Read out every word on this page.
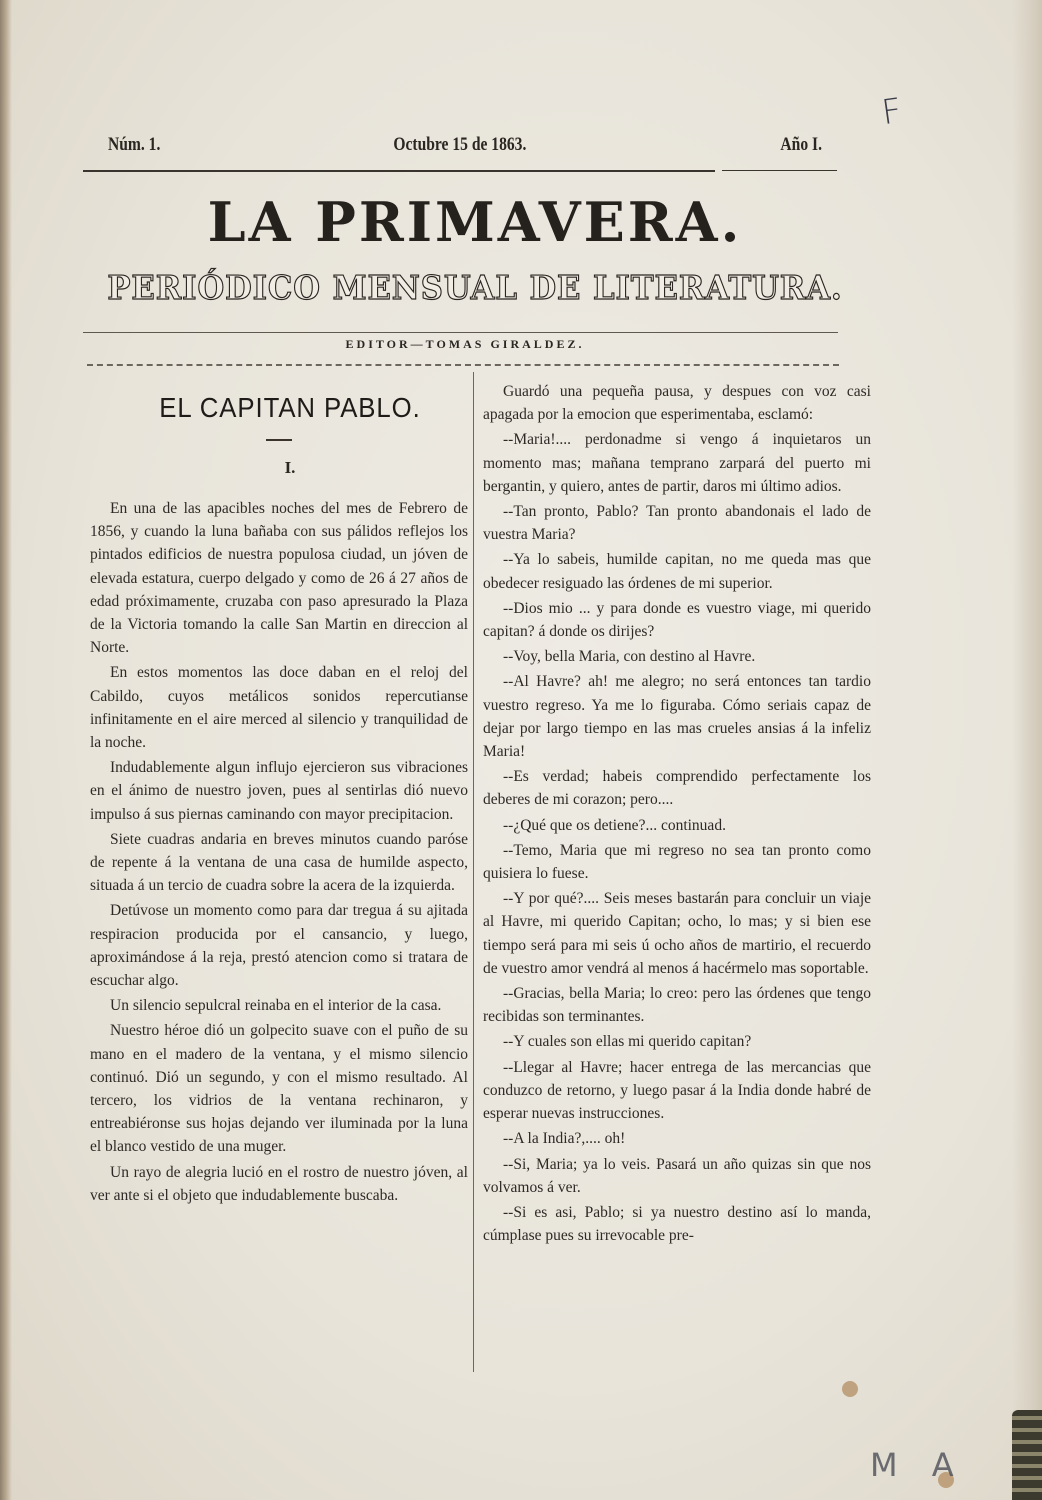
F
Núm. 1.	Octubre 15 de 1863.	Año I.
LA PRIMAVERA.
PERIÓDICO MENSUAL DE LITERATURA.
EDITOR—TOMAS GIRALDEZ.
EL CAPITAN PABLO.
I.

En una de las apacibles noches del mes de Febrero de 1856, y cuando la luna bañaba con sus pálidos reflejos los pintados edificios de nuestra populosa ciudad, un jóven de elevada estatura, cuerpo delgado y como de 26 á 27 años de edad próximamente, cruzaba con paso apresurado la Plaza de la Victoria tomando la calle San Martin en direccion al Norte.

En estos momentos las doce daban en el reloj del Cabildo, cuyos metálicos sonidos repercutianse infinitamente en el aire merced al silencio y tranquilidad de la noche.

Indudablemente algun influjo ejercieron sus vibraciones en el ánimo de nuestro joven, pues al sentirlas dió nuevo impulso á sus piernas caminando con mayor precipitacion.

Siete cuadras andaria en breves minutos cuando paróse de repente á la ventana de una casa de humilde aspecto, situada á un tercio de cuadra sobre la acera de la izquierda.

Detúvose un momento como para dar tregua á su ajitada respiracion producida por el cansancio, y luego, aproximándose á la reja, prestó atencion como si tratara de escuchar algo.

Un silencio sepulcral reinaba en el interior de la casa.

Nuestro héroe dió un golpecito suave con el puño de su mano en el madero de la ventana, y el mismo silencio continuó. Dió un segundo, y con el mismo resultado. Al tercero, los vidrios de la ventana rechinaron, y entreabiéronse sus hojas dejando ver iluminada por la luna el blanco vestido de una muger.

Un rayo de alegria lució en el rostro de nuestro jóven, al ver ante si el objeto que indudablemente buscaba.

Guardó una pequeña pausa, y despues con voz casi apagada por la emocion que esperimentaba, esclamó:

--Maria!.... perdonadme si vengo á inquietaros un momento mas; mañana temprano zarpará del puerto mi bergantin, y quiero, antes de partir, daros mi último adios.

--Tan pronto, Pablo? Tan pronto abandonais el lado de vuestra Maria?

--Ya lo sabeis, humilde capitan, no me queda mas que obedecer resiguado las órdenes de mi superior.

--Dios mio ... y para donde es vuestro viage, mi querido capitan? á donde os dirijes?

--Voy, bella Maria, con destino al Havre.

--Al Havre? ah! me alegro; no será entonces tan tardio vuestro regreso. Ya me lo figuraba. Cómo seriais capaz de dejar por largo tiempo en las mas crueles ansias á la infeliz Maria!

--Es verdad; habeis comprendido perfectamente los deberes de mi corazon; pero....

--¿Qué que os detiene?... continuad.

--Temo, Maria que mi regreso no sea tan pronto como quisiera lo fuese.

--Y por qué?.... Seis meses bastarán para concluir un viaje al Havre, mi querido Capitan; ocho, lo mas; y si bien ese tiempo será para mi seis ú ocho años de martirio, el recuerdo de vuestro amor vendrá al menos á hacérmelo mas soportable.

--Gracias, bella Maria; lo creo: pero las órdenes que tengo recibidas son terminantes.

--Y cuales son ellas mi querido capitan?

--Llegar al Havre; hacer entrega de las mercancias que conduzco de retorno, y luego pasar á la India donde habré de esperar nuevas instrucciones.

--A la India?,.... oh!

--Si, Maria; ya lo veis. Pasará un año quizas sin que nos volvamos á ver.

--Si es asi, Pablo; si ya nuestro destino así lo manda, cúmplase pues su irrevocable pre-

M A
